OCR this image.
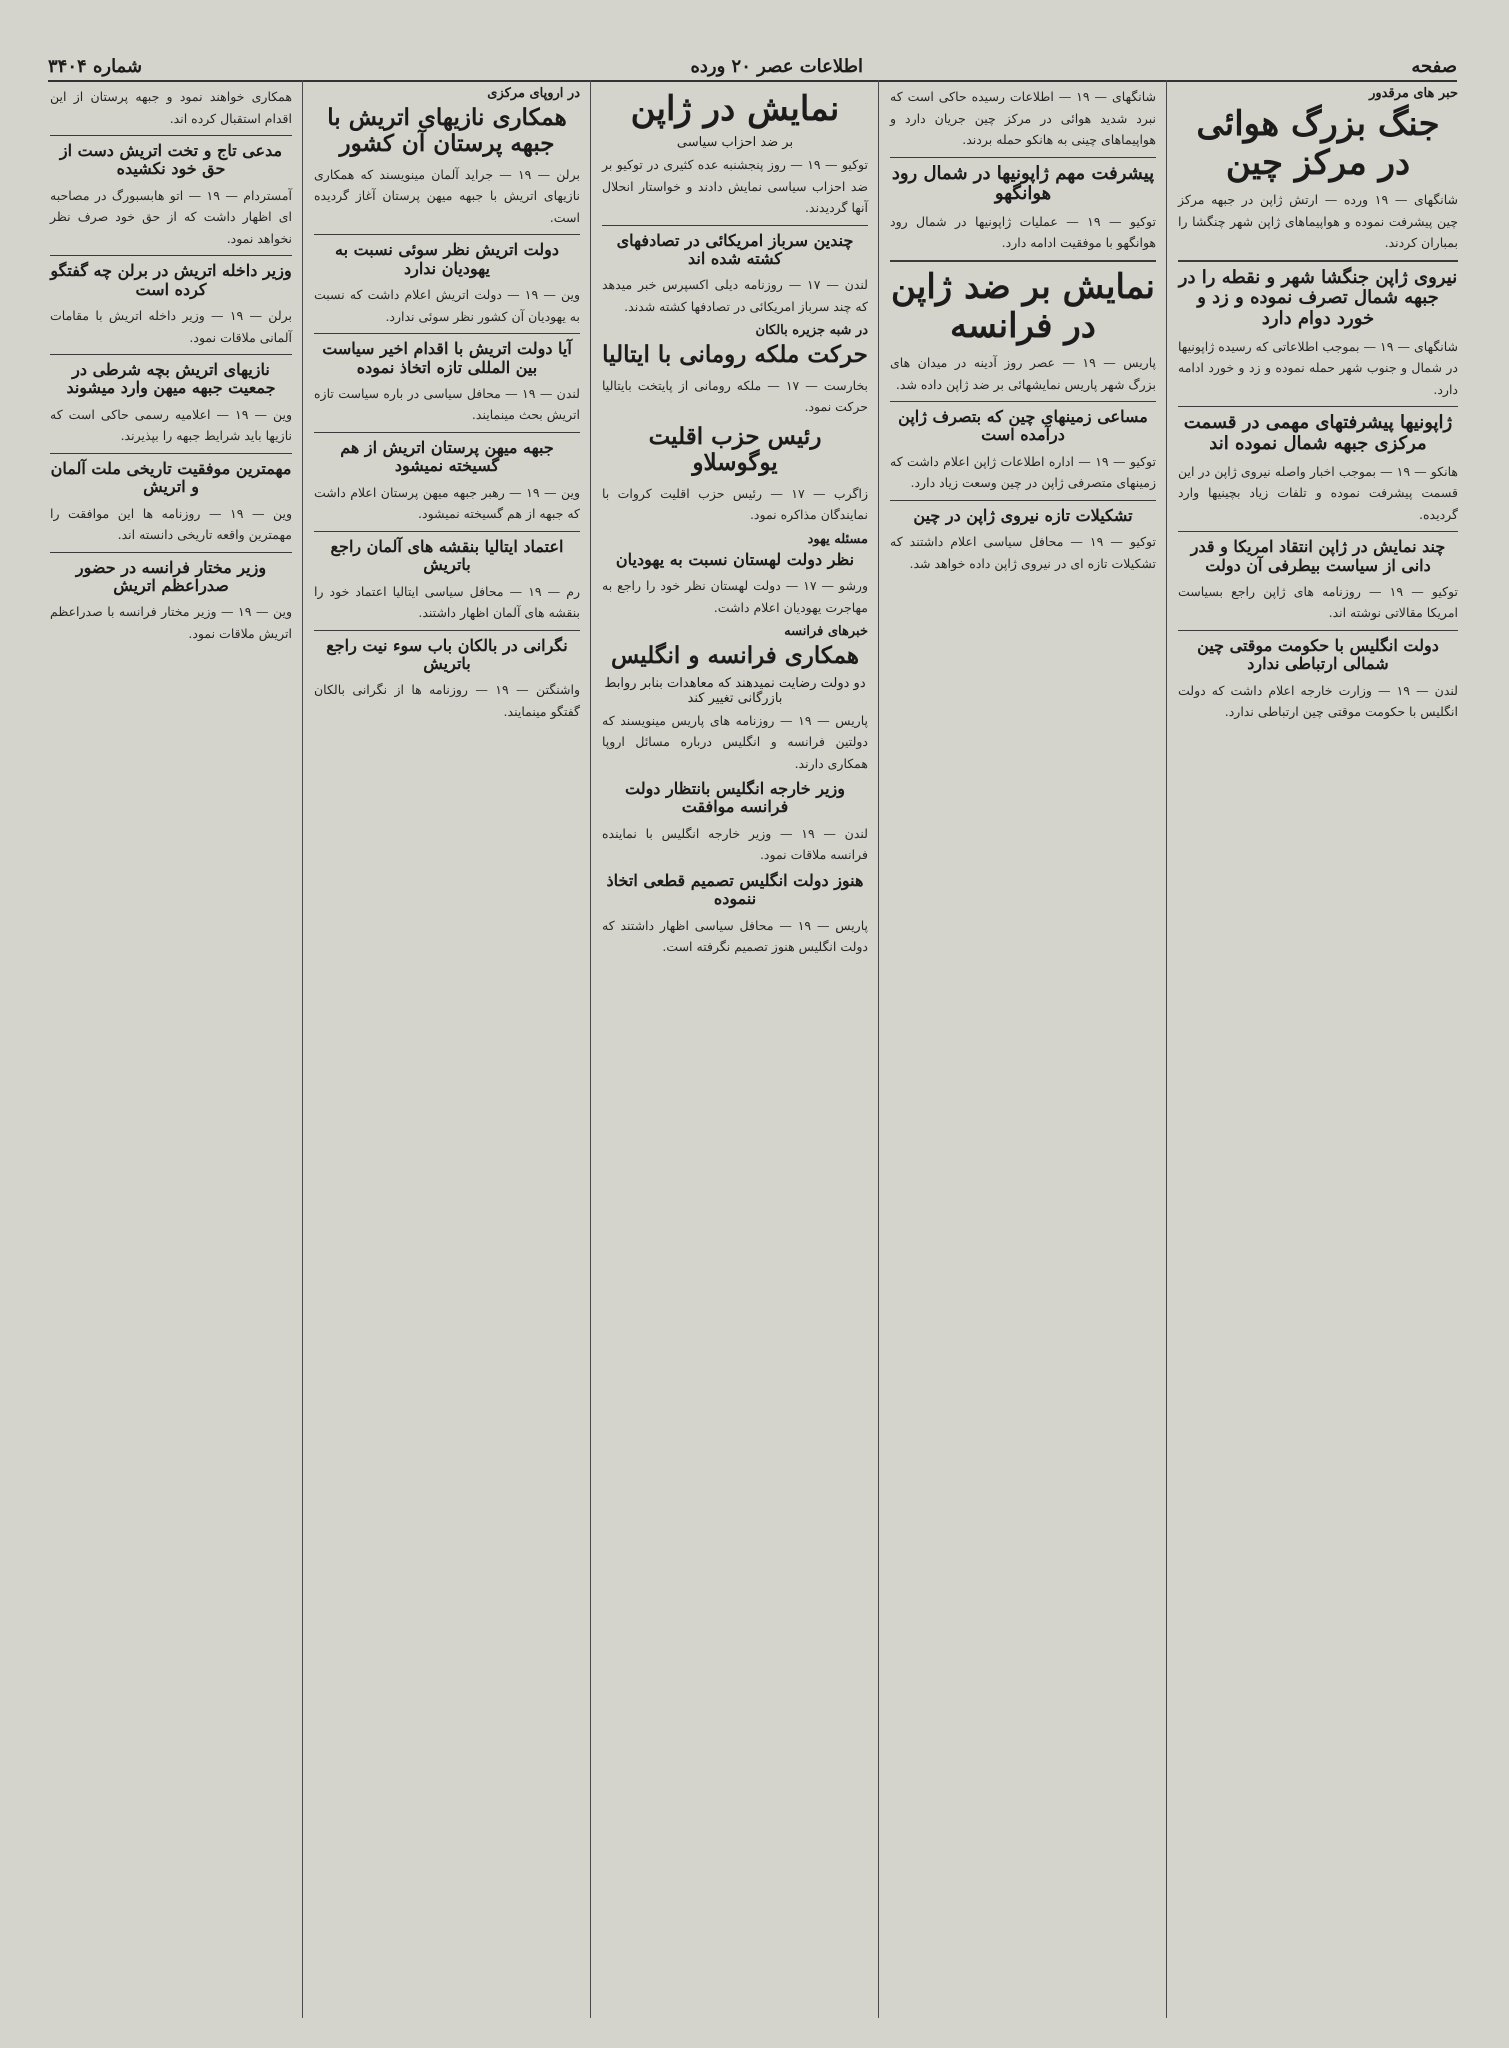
صفحه
اطلاعات عصر ۲۰ ورده
شماره ۳۴۰۴
حبر های مرقدور
جنگ بزرگ هوائی در مرکز چین

شانگهای — ۱۹ ورده — ارتش ژاپن در جبهه مرکز چین پیشرفت نموده و هواپیماهای ژاپن شهر چنگشا را بمباران کردند.

نیروی ژاپن جنگشا شهر و نقطه را در جبهه شمال تصرف نموده و زد و خورد دوام دارد

شانگهای — ۱۹ — بموجب اطلاعاتی که رسیده ژاپونیها در شمال و جنوب شهر حمله نموده و زد و خورد ادامه دارد.

ژاپونیها پیشرفتهای مهمی در قسمت مرکزی جبهه شمال نموده اند

هانکو — ۱۹ — بموجب اخبار واصله نیروی ژاپن در این قسمت پیشرفت نموده و تلفات زیاد بچینیها وارد گردیده.

چند نمایش در ژاپن انتقاد امریکا و قدر دانی از سیاست بیطرفی آن دولت

توکیو — ۱۹ — روزنامه های ژاپن راجع بسیاست امریکا مقالاتی نوشته اند.

دولت انگلیس با حکومت موقتی چین شمالی ارتباطی ندارد

لندن — ۱۹ — وزارت خارجه اعلام داشت که دولت انگلیس با حکومت موقتی چین ارتباطی ندارد.

شانگهای — ۱۹ — اطلاعات رسیده حاکی است که نبرد شدید هوائی در مرکز چین جریان دارد و هواپیماهای چینی به هانکو حمله بردند.

پیشرفت مهم ژاپونیها در شمال رود هوانگهو

توکیو — ۱۹ — عملیات ژاپونیها در شمال رود هوانگهو با موفقیت ادامه دارد.

نمایش بر ضد ژاپن در فرانسه

پاریس — ۱۹ — عصر روز آدینه در میدان های بزرگ شهر پاریس نمایشهائی بر ضد ژاپن داده شد.

مساعی زمینهای چین که بتصرف ژاپن درآمده است

توکیو — ۱۹ — اداره اطلاعات ژاپن اعلام داشت که زمینهای متصرفی ژاپن در چین وسعت زیاد دارد.

تشکیلات تازه نیروی ژاپن در چین

توکیو — ۱۹ — محافل سیاسی اعلام داشتند که تشکیلات تازه ای در نیروی ژاپن داده خواهد شد.

نمایش در ژاپن
بر ضد احزاب سیاسی

توکیو — ۱۹ — روز پنجشنبه عده کثیری در توکیو بر ضد احزاب سیاسی نمایش دادند و خواستار انحلال آنها گردیدند.

چندین سرباز امریکائی در تصادفهای کشته شده اند

لندن — ۱۷ — روزنامه دیلی اکسپرس خبر میدهد که چند سرباز امریکائی در تصادفها کشته شدند.

در شبه جزیره بالکان
حرکت ملکه رومانی با ایتالیا

بخارست — ۱۷ — ملکه رومانی از پایتخت بایتالیا حرکت نمود.

رئیس حزب اقلیت یوگوسلاو

زاگرب — ۱۷ — رئیس حزب اقلیت کروات با نمایندگان مذاکره نمود.

مسئله یهود
نظر دولت لهستان نسبت به یهودیان

ورشو — ۱۷ — دولت لهستان نظر خود را راجع به مهاجرت یهودیان اعلام داشت.

خبرهای فرانسه
همکاری فرانسه و انگلیس
دو دولت رضایت نمیدهند که معاهدات بنابر روابط بازرگانی تغییر کند

پاریس — ۱۹ — روزنامه های پاریس مینویسند که دولتین فرانسه و انگلیس درباره مسائل اروپا همکاری دارند.

وزیر خارجه انگلیس بانتظار دولت فرانسه موافقت

لندن — ۱۹ — وزیر خارجه انگلیس با نماینده فرانسه ملاقات نمود.

هنوز دولت انگلیس تصمیم قطعی اتخاذ ننموده

پاریس — ۱۹ — محافل سیاسی اظهار داشتند که دولت انگلیس هنوز تصمیم نگرفته است.

در اروپای مرکزی
همکاری نازیهای اتریش با جبهه پرستان آن کشور

برلن — ۱۹ — جراید آلمان مینویسند که همکاری نازیهای اتریش با جبهه میهن پرستان آغاز گردیده است.

دولت اتریش نظر سوئی نسبت به یهودیان ندارد

وین — ۱۹ — دولت اتریش اعلام داشت که نسبت به یهودیان آن کشور نظر سوئی ندارد.

آیا دولت اتریش با اقدام اخیر سیاست بین المللی تازه اتخاذ نموده

لندن — ۱۹ — محافل سیاسی در باره سیاست تازه اتریش بحث مینمایند.

جبهه میهن پرستان اتریش از هم گسیخته نمیشود

وین — ۱۹ — رهبر جبهه میهن پرستان اعلام داشت که جبهه از هم گسیخته نمیشود.

اعتماد ایتالیا بنقشه های آلمان راجع باتریش

رم — ۱۹ — محافل سیاسی ایتالیا اعتماد خود را بنقشه های آلمان اظهار داشتند.

نگرانی در بالکان باب سوء نیت راجع باتریش

واشنگتن — ۱۹ — روزنامه ها از نگرانی بالکان گفتگو مینمایند.

همکاری خواهند نمود و جبهه پرستان از این اقدام استقبال کرده اند.

مدعی تاج و تخت اتریش دست از حق خود نکشیده

آمستردام — ۱۹ — اتو هابسبورگ در مصاحبه ای اظهار داشت که از حق خود صرف نظر نخواهد نمود.

وزیر داخله اتریش در برلن چه گفتگو کرده است

برلن — ۱۹ — وزیر داخله اتریش با مقامات آلمانی ملاقات نمود.

نازیهای اتریش بچه شرطی در جمعیت جبهه میهن وارد میشوند

وین — ۱۹ — اعلامیه رسمی حاکی است که نازیها باید شرایط جبهه را بپذیرند.

مهمترین موفقیت تاریخی ملت آلمان و اتریش

وین — ۱۹ — روزنامه ها این موافقت را مهمترین واقعه تاریخی دانسته اند.

وزیر مختار فرانسه در حضور صدراعظم اتریش

وین — ۱۹ — وزیر مختار فرانسه با صدراعظم اتریش ملاقات نمود.
